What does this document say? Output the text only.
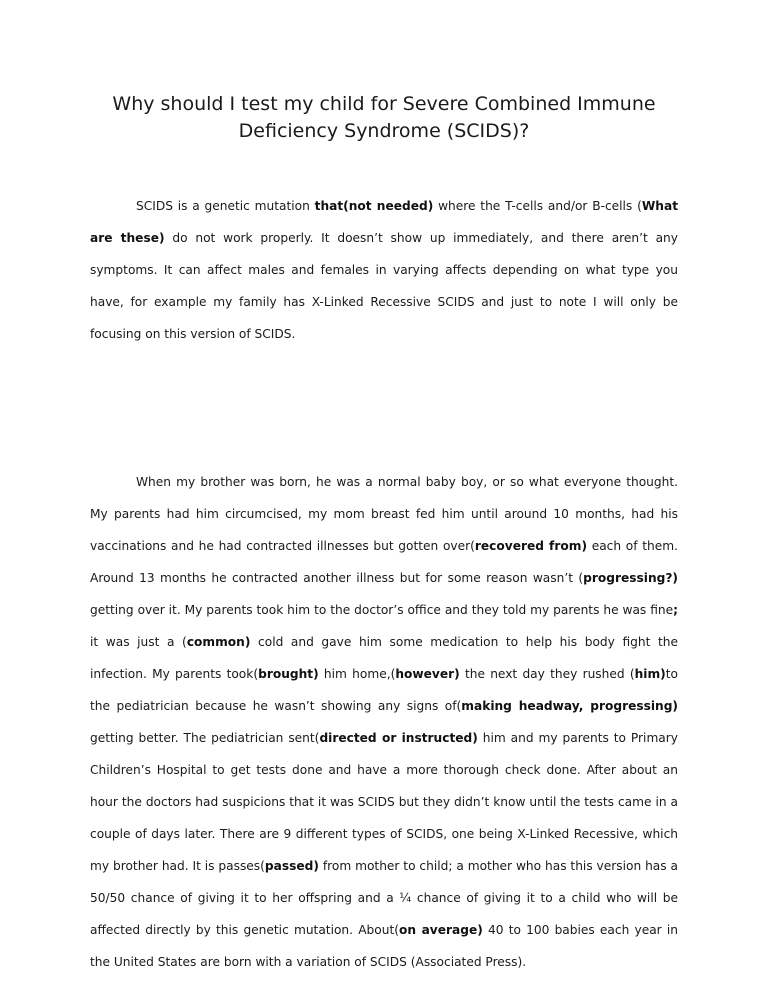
Why should I test my child for Severe Combined Immune Deficiency Syndrome (SCIDS)?

SCIDS is a genetic mutation that(not needed) where the T-cells and/or B-cells (What are these) do not work properly. It doesn’t show up immediately, and there aren’t any symptoms. It can affect males and females in varying affects depending on what type you have, for example my family has X-Linked Recessive SCIDS and just to note I will only be focusing on this version of SCIDS.

When my brother was born, he was a normal baby boy, or so what everyone thought. My parents had him circumcised, my mom breast fed him until around 10 months, had his vaccinations and he had contracted illnesses but gotten over(recovered from) each of them. Around 13 months he contracted another illness but for some reason wasn’t (progressing?) getting over it. My parents took him to the doctor’s office and they told my parents he was fine; it was just a (common) cold and gave him some medication to help his body fight the infection. My parents took(brought) him home,(however) the next day they rushed (him)to the pediatrician because he wasn’t showing any signs of(making headway, progressing) getting better. The pediatrician sent(directed or instructed) him and my parents to Primary Children’s Hospital to get tests done and have a more thorough check done. After about an hour the doctors had suspicions that it was SCIDS but they didn’t know until the tests came in a couple of days later. There are 9 different types of SCIDS, one being X-Linked Recessive, which my brother had. It is passes(passed) from mother to child; a mother who has this version has a 50/50 chance of giving it to her offspring and a ¼ chance of giving it to a child who will be affected directly by this genetic mutation. About(on average) 40 to 100 babies each year in the United States are born with a variation of SCIDS (Associated Press).
